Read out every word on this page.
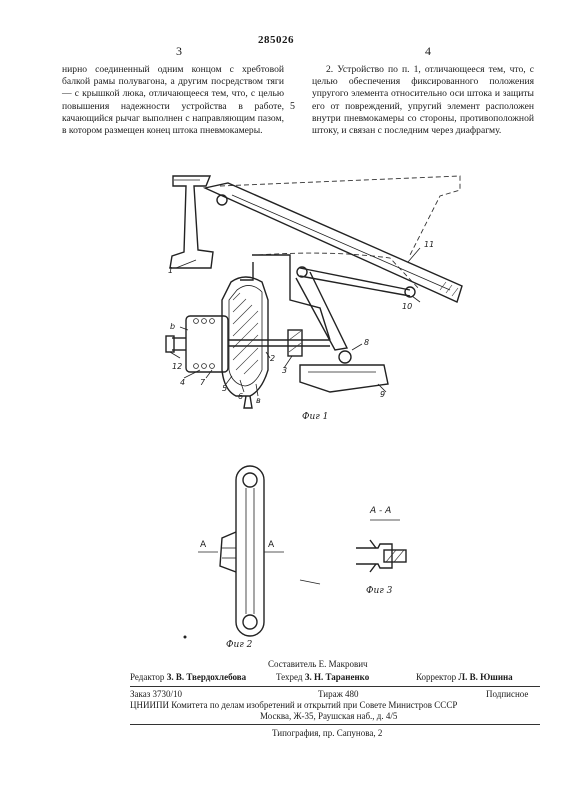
3
285026
4

нирно соединенный одним концом с хребтовой балкой рамы полувагона, а другим посредством тяги — с крышкой люка, отличающееся тем, что, с целью повышения надежности устройства в работе, качающийся рычаг выполнен с направляющим пазом, в котором размещен конец штока пневмокамеры.

5

2. Устройство по п. 1, отличающееся тем, что, с целью обеспечения фиксированного положения упругого элемента относительно оси штока и защиты его от повреждений, упругий элемент расположен внутри пневмокамеры со стороны, противоположной штоку, и связан с последним через диафрагму.

1
b
12
4 7
5
6 в
2
3
8
9
10
11
Фиг 1
А	А
Фиг 2
А - А
Фиг 3
Составитель Е. Макрович
Редактор З. В. Твердохлебова	Техред З. Н. Тараненко	Корректор Л. В. Юшина
Заказ 3730/10	Тираж 480	Подписное
ЦНИИПИ Комитета по делам изобретений и открытий при Совете Министров СССР
Москва, Ж-35, Раушская наб., д. 4/5
Типография, пр. Сапунова, 2
